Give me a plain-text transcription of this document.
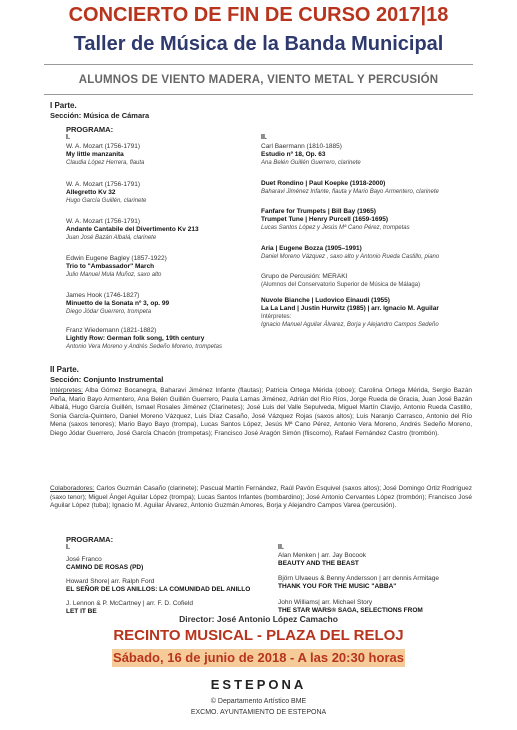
CONCIERTO DE FIN DE CURSO 2017|18
Taller de Música de la Banda Municipal
ALUMNOS DE VIENTO MADERA, VIENTO METAL Y PERCUSIÓN
I Parte.
Sección: Música de Cámara
PROGRAMA:
I.	II.
W. A. Mozart (1756-1791)
My little manzanita
Claudia López Herrera, flauta
W. A. Mozart (1756-1791)
Allegretto Kv 32
Hugo García Guillén, clarinete
W. A. Mozart (1756-1791)
Andante Cantabile del Divertimento Kv 213
Juan José Bazán Albalá, clarinete
Edwin Eugene Bagley (1857-1922)
Trio to "Ambassador" March
Julio Manuel Mula Muñoz, saxo alto
James Hook (1746-1827)
Minuetto de la Sonata nº 3, op. 99
Diego Jódar Guerrero, trompeta
Franz Wiedemann (1821-1882)
Lightly Row: German folk song, 19th century
Antonio Vera Moreno y Andrés Sedeño Moreno, trompetas
Carl Baermann (1810-1885)
Estudio nº 18, Op. 63
Ana Belén Guillén Guerrero, clarinete
Duet Rondino | Paul Koepke (1918-2000)
Baharavi Jiménez Infante, flauta y Mario Bayo Armentero, clarinete
Fanfare for Trumpets | Bill Bay (1965)
Trumpet Tune | Henry Purcell (1659-1695)
Lucas Santos López y Jesús Mª Cano Pérez, trompetas
Aria | Eugene Bozza (1905–1991)
Daniel Moreno Vázquez , saxo alto y Antonio Rueda Castillo, piano
Grupo de Percusión: MERAKI
(Alumnos del Conservatorio Superior de Música de Málaga)
Nuvole Bianche | Ludovico Einaudi (1955)
La La Land | Justin Hurwitz (1985) | arr. Ignacio M. Aguilar
Intérpretes:
Ignacio Manuel Aguilar Álvarez, Borja y Alejandro Campos Sedeño
II Parte.
Sección: Conjunto Instrumental
Intérpretes: Alba Gómez Bocanegra, Baharavi Jiménez Infante (flautas); Patricia Ortega Mérida (oboe); Carolina Ortega Mérida, Sergio Bazán Peña, Mario Bayo Armentero, Ana Belén Guillén Guerrero, Paula Lamas Jiménez, Adrián del Río Ríos, Jorge Rueda de Gracia, Juan José Bazán Albalá, Hugo García Guillén, Ismael Rosales Jiménez (Clarinetes); José Luis del Valle Sepulveda, Miguel Martín Clavijo, Antonio Rueda Castillo, Sonia García-Quintero, Daniel Moreno Vázquez, Luis Díaz Casaño, José Vázquez Rojas (saxos altos); Luis Naranjo Carrasco, Antonio del Río Mena (saxos tenores); Mario Bayo Bayo (trompa), Lucas Santos López, Jesús Mª Cano Pérez, Antonio Vera Moreno, Andrés Sedeño Moreno, Diego Jódar Guerrero, José García Chacón (trompetas); Francisco José Aragón Simón (fliscorno), Rafael Fernández Castro (trombón).
Colaboradores: Carlos Guzmán Casaño (clarinete); Pascual Martín Fernández, Raúl Pavón Esquivel (saxos altos); José Domingo Ortiz Rodríguez (saxo tenor); Miguel Ángel Aguilar López (trompa); Lucas Santos Infantes (bombardino); José Antonio Cervantes López (trombón); Francisco José Aguilar López (tuba); Ignacio M. Aguilar Álvarez, Antonio Guzmán Amores, Borja y Alejandro Campos Varea (percusión).
PROGRAMA:
I.	II.
José Franco
CAMINO DE ROSAS (PD)
Howard Shore| arr. Ralph Ford
EL SEÑOR DE LOS ANILLOS: LA COMUNIDAD DEL ANILLO
J. Lennon & P. McCartney | arr. F. D. Cofield
LET IT BE
Alan Menken | arr. Jay Bocook
BEAUTY AND THE BEAST
Björn Ulvaeus & Benny Andersson | arr dennis Armitage
THANK YOU FOR THE MUSIC "ABBA"
John Williams| arr. Michael Story
THE STAR WARS® SAGA, SELECTIONS FROM
Director: José Antonio López Camacho
RECINTO MUSICAL - PLAZA DEL RELOJ
Sábado, 16 de junio de 2018 - A las 20:30 horas
ESTEPONA
© Departamento Artístico BME
EXCMO. AYUNTAMIENTO DE ESTEPONA
